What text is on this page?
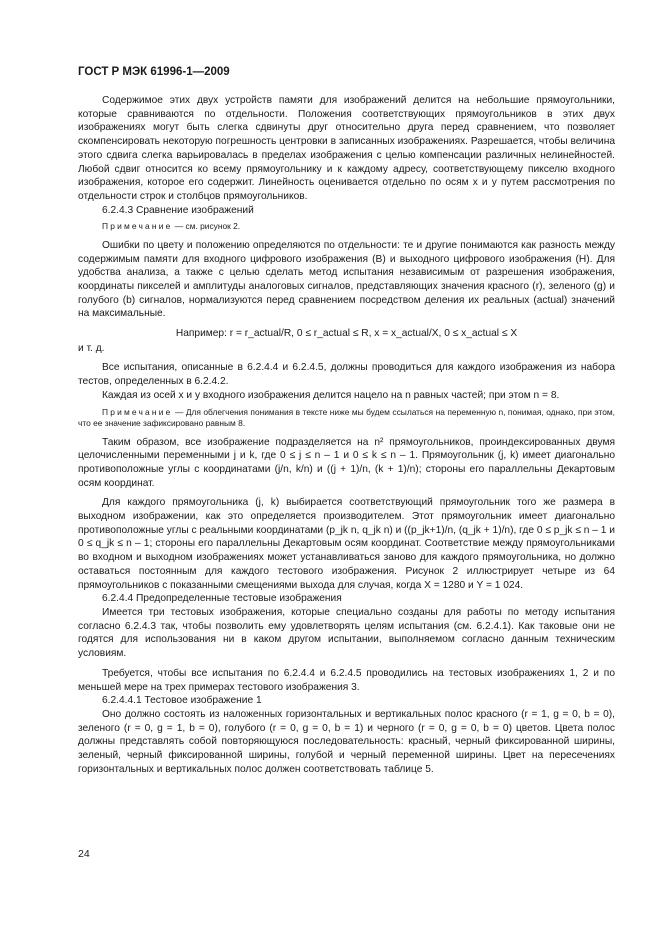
ГОСТ Р МЭК 61996-1—2009

Содержимое этих двух устройств памяти для изображений делится на небольшие прямоугольники, которые сравниваются по отдельности. Положения соответствующих прямоугольников в этих двух изображениях могут быть слегка сдвинуты друг относительно друга перед сравнением, что позволяет скомпенсировать некоторую погрешность центровки в записанных изображениях. Разрешается, чтобы величина этого сдвига слегка варьировалась в пределах изображения с целью компенсации различных нелинейностей. Любой сдвиг относится ко всему прямоугольнику и к каждому адресу, соответствующему пикселю входного изображения, которое его содержит. Линейность оценивается отдельно по осям x и y путем рассмотрения по отдельности строк и столбцов прямоугольников.

6.2.4.3 Сравнение изображений

Примечание — см. рисунок 2.

Ошибки по цвету и положению определяются по отдельности: те и другие понимаются как разность между содержимым памяти для входного цифрового изображения (B) и выходного цифрового изображения (H). Для удобства анализа, а также с целью сделать метод испытания независимым от разрешения изображения, координаты пикселей и амплитуды аналоговых сигналов, представляющих значения красного (r), зеленого (g) и голубого (b) сигналов, нормализуются перед сравнением посредством деления их реальных (actual) значений на максимальные.

Например: r = r_actual/R, 0 ≤ r_actual ≤ R, x = x_actual/X, 0 ≤ x_actual ≤ X

и т. д.

Все испытания, описанные в 6.2.4.4 и 6.2.4.5, должны проводиться для каждого изображения из набора тестов, определенных в 6.2.4.2.

Каждая из осей x и y входного изображения делится нацело на n равных частей; при этом n = 8.

Примечание — Для облегчения понимания в тексте ниже мы будем ссылаться на переменную n, понимая, однако, при этом, что ее значение зафиксировано равным 8.

Таким образом, все изображение подразделяется на n² прямоугольников, проиндексированных двумя целочисленными переменными j и k, где 0 ≤ j ≤ n – 1 и 0 ≤ k ≤ n – 1. Прямоугольник (j, k) имеет диагонально противоположные углы с координатами (j/n, k/n) и ((j + 1)/n, (k + 1)/n); стороны его параллельны Декартовым осям координат.

Для каждого прямоугольника (j, k) выбирается соответствующий прямоугольник того же размера в выходном изображении, как это определяется производителем. Этот прямоугольник имеет диагонально противоположные углы с реальными координатами (p_jk n, q_jk n) и ((p_jk+1)/n, (q_jk + 1)/n), где 0 ≤ p_jk ≤ n – 1 и 0 ≤ q_jk ≤ n – 1; стороны его параллельны Декартовым осям координат. Соответствие между прямоугольниками во входном и выходном изображениях может устанавливаться заново для каждого прямоугольника, но должно оставаться постоянным для каждого тестового изображения. Рисунок 2 иллюстрирует четыре из 64 прямоугольников с показанными смещениями выхода для случая, когда X = 1280 и Y = 1 024.

6.2.4.4 Предопределенные тестовые изображения

Имеется три тестовых изображения, которые специально созданы для работы по методу испытания согласно 6.2.4.3 так, чтобы позволить ему удовлетворять целям испытания (см. 6.2.4.1). Как таковые они не годятся для использования ни в каком другом испытании, выполняемом согласно данным техническим условиям.

Требуется, чтобы все испытания по 6.2.4.4 и 6.2.4.5 проводились на тестовых изображениях 1, 2 и по меньшей мере на трех примерах тестового изображения 3.

6.2.4.4.1 Тестовое изображение 1

Оно должно состоять из наложенных горизонтальных и вертикальных полос красного (r = 1, g = 0, b = 0), зеленого (r = 0, g = 1, b = 0), голубого (r = 0, g = 0, b = 1) и черного (r = 0, g = 0, b = 0) цветов. Цвета полос должны представлять собой повторяющуюся последовательность: красный, черный фиксированной ширины, зеленый, черный фиксированной ширины, голубой и черный переменной ширины. Цвет на пересечениях горизонтальных и вертикальных полос должен соответствовать таблице 5.

24
